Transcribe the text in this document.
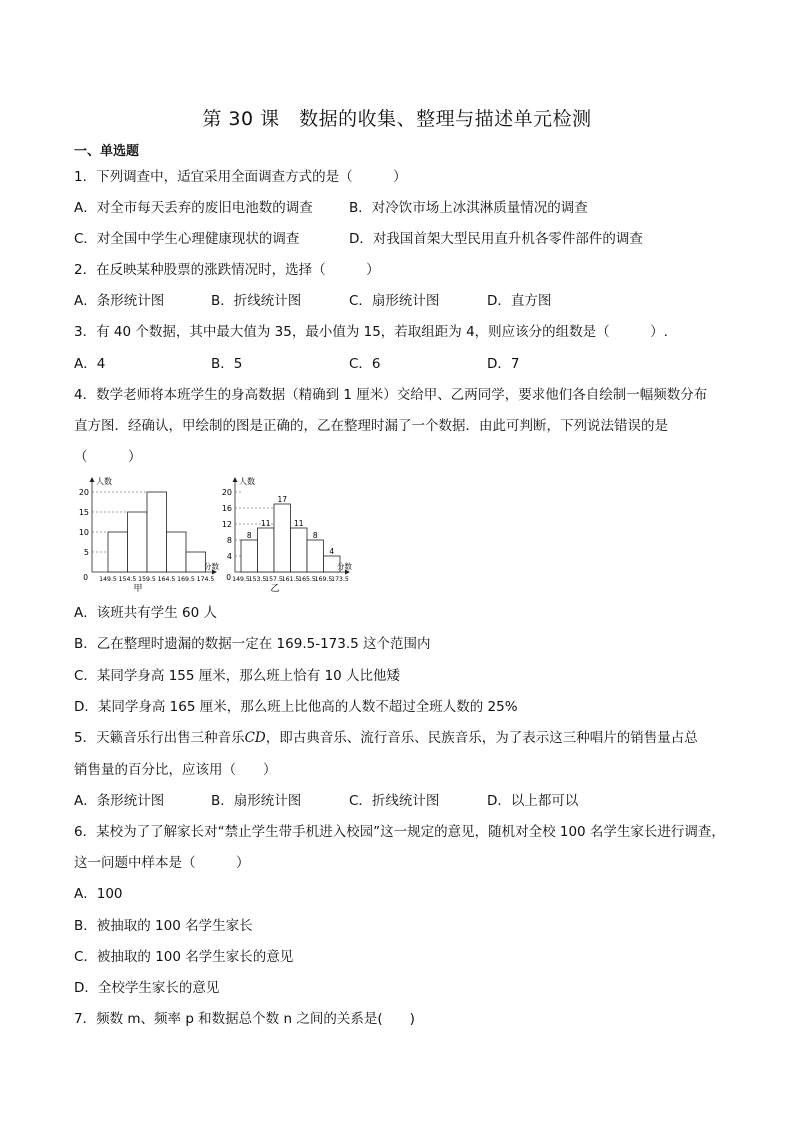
第 30 课　数据的收集、整理与描述单元检测
一、单选题
1．下列调查中，适宜采用全面调查方式的是（　　　）
A．对全市每天丢弃的废旧电池数的调查	B．对冷饮市场上冰淇淋质量情况的调查
C．对全国中学生心理健康现状的调查	D．对我国首架大型民用直升机各零件部件的调查
2．在反映某种股票的涨跌情况时，选择（　　　）
A．条形统计图	B．折线统计图	C．扇形统计图	D．直方图
3．有 40 个数据，其中最大值为 35，最小值为 15，若取组距为 4，则应该分的组数是（　　　）.
A．4	B．5	C．6	D．7
4．数学老师将本班学生的身高数据（精确到 1 厘米）交给甲、乙两同学，要求他们各自绘制一幅频数分布
直方图．经确认，甲绘制的图是正确的，乙在整理时漏了一个数据．由此可判断，下列说法错误的是
（　　　）
5
10
15
20
0 149.5 154.5 159.5 164.5 169.5 174.5
人数
分数
甲
4
8
12
16
20
0
8
11
17
11
8
4
149.5
153.5
157.5
161.5
165.5
169.5
173.5
人数
分数
乙
A．该班共有学生 60 人
B．乙在整理时遗漏的数据一定在 169.5-173.5 这个范围内
C．某同学身高 155 厘米，那么班上恰有 10 人比他矮
D．某同学身高 165 厘米，那么班上比他高的人数不超过全班人数的 25%
5．天籁音乐行出售三种音乐CD，即古典音乐、流行音乐、民族音乐，为了表示这三种唱片的销售量占总
销售量的百分比，应该用（　　）
A．条形统计图	B．扇形统计图	C．折线统计图	D．以上都可以
6．某校为了了解家长对“禁止学生带手机进入校园”这一规定的意见，随机对全校 100 名学生家长进行调查，
这一问题中样本是（　　　）
A．100
B．被抽取的 100 名学生家长
C．被抽取的 100 名学生家长的意见
D．全校学生家长的意见
7．频数 m、频率 p 和数据总个数 n 之间的关系是(　　)
